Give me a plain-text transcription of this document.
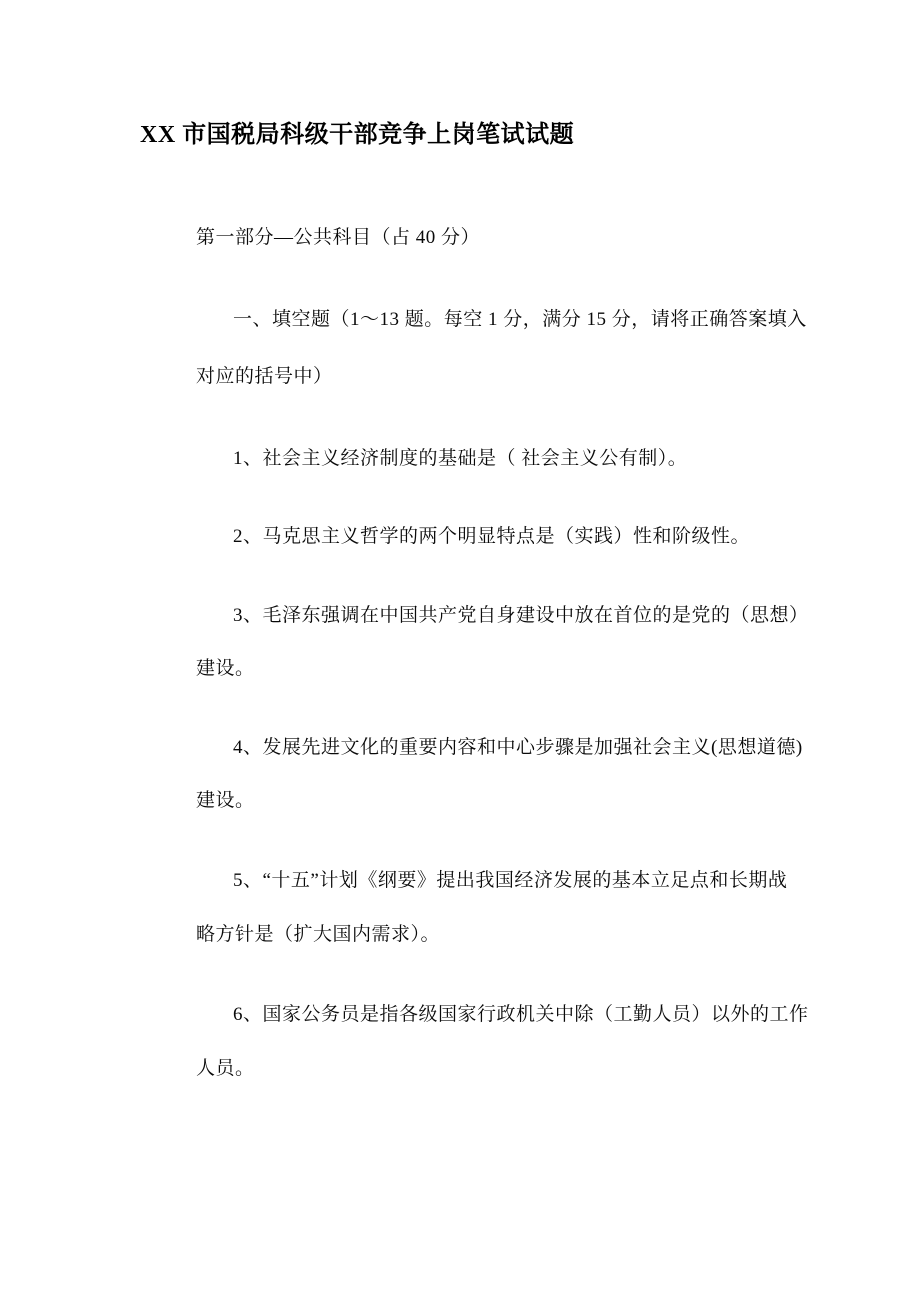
XX 市国税局科级干部竞争上岗笔试试题

第一部分—公共科目（占 40 分）

一、填空题（1～13 题。每空 1 分，满分 15 分，请将正确答案填入

对应的括号中）

1、社会主义经济制度的基础是（ 社会主义公有制）。

2、马克思主义哲学的两个明显特点是（实践）性和阶级性。

3、毛泽东强调在中国共产党自身建设中放在首位的是党的（思想）

建设。

4、发展先进文化的重要内容和中心步骤是加强社会主义(思想道德)

建设。

5、“十五”计划《纲要》提出我国经济发展的基本立足点和长期战

略方针是（扩大国内需求）。

6、国家公务员是指各级国家行政机关中除（工勤人员）以外的工作

人员。
